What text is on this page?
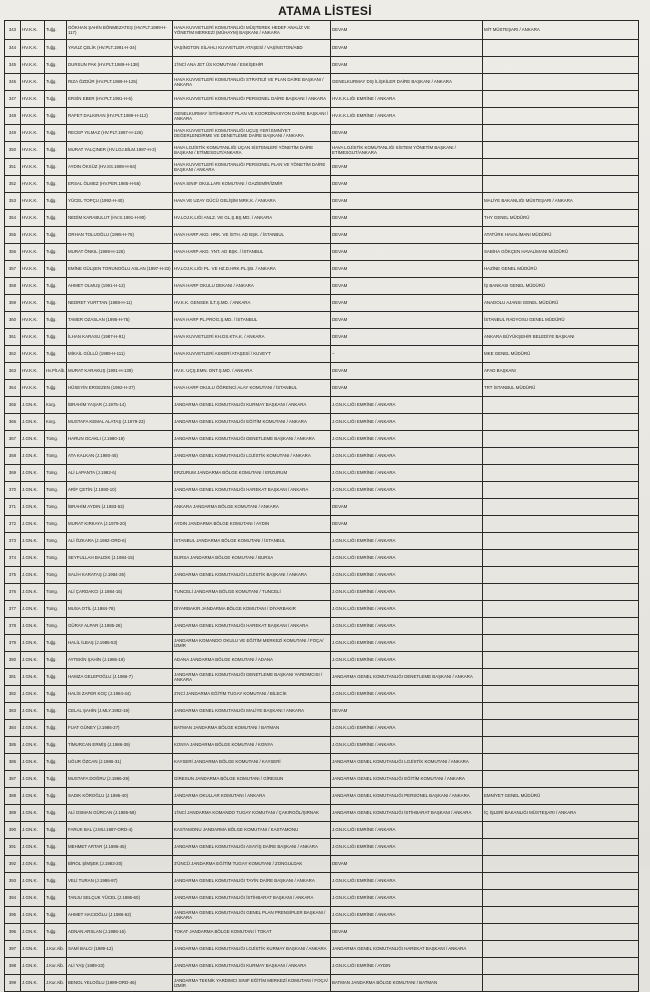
ATAMA LİSTESİ
343	HV.K.K.	Tuğg.	GÖKHAN ŞAHİN BÖNMEZATEŞ (HV.PLT.1989-H-117)	HAVA KUVVETLERİ KOMUTANLIĞI MÜŞTEREK HEDEF ANALİZ VE YÖNETİM MERKEZİ (MÜHAYM) BAŞKANI / ANKARA	DEVAM	MİT MÜSTEŞARI / ANKARA
344	HV.K.K.	Tuğg.	YAVUZ ÇELİK (HV.PLT.1991-H-34)	VAŞİNGTON SİLAHLI KUVVETLER ATAŞESİ / VAŞİNGTON/ABD	DEVAM	
345	HV.K.K.	Tuğg.	DURSUN PAK (HV.PLT.1989-H-138)	1'İNCİ ANA JET ÜS KOMUTANI / ESKİŞEHİR	DEVAM	
346	HV.K.K.	Tuğg.	RIZA ÖZDÜR (HV.PLT.1989-H-125)	HAVA KUVVETLERİ KOMUTANLIĞI STRATEJİ VE PLAN DAİRE BAŞKANI / ANKARA	GENELKURMAY DIŞ İLİŞKİLER DAİRE BAŞKANI / ANKARA	
347	HV.K.K.	Tuğg.	ERSİN EBER (HV.PLT.1991-H-6)	HAVA KUVVETLERİ KOMUTANLIĞI PERSONEL DAİRE BAŞKANI / ANKARA	HV.K.K.LIĞI EMRİNE / ANKARA	
348	HV.K.K.	Tuğg.	RAFET DALKIRAN (HV.PLT.1989-H-112)	GENELKURMAY İSTİHBARAT PLAN VE KOORDİNASYON DAİRE BAŞKANI / ANKARA	HV.K.K.LIĞI EMRİNE / ANKARA	
349	HV.K.K.	Tuğg.	RECEP YILMAZ (HV.PLT.1987-H-126)	HAVA KUVVETLERİ KOMUTANLIĞI UÇUŞ YERİ EMNİYET DEĞERLENDİRME VE DENETLEME DAİRE BAŞKANI / ANKARA	DEVAM	
350	HV.K.K.	Tuğg.	MURAT YALÇINER (HV.LOJ.BİLM.1987-H-3)	HAVA LOJİSTİK KOMUTANLIĞI UÇAN SİSTEMLERİ YÖNETİM DAİRE BAŞKANI / ETİMESGUT/ANKARA	HAVA LOJİSTİK KOMUTANLIĞI SİSTEM YÖNETİM BAŞKANI / ETİMESGUT/ANKARA	
351	HV.K.K.	Tuğg.	AYDIN ÖKSÜZ (HV.SS.1989-H-84)	HAVA KUVVETLERİ KOMUTANLIĞI PERSONEL PLAN VE YÖNETİM DAİRE BAŞKANI / ANKARA	DEVAM	
352	HV.K.K.	Tuğg.	ERSAL ÖLMEZ (HV.PER.1985-H-56)	HAVA SINIF OKULLARI KOMUTANI / GAZİEMİR/İZMİR	DEVAM	
353	HV.K.K.	Tuğg.	YÜCEL TOPÇU (1992-H-40)	HAVA VE UZAY GÜCÜ GELİŞİM MRK.K. / ANKARA	DEVAM	MALİYE BAKANLIĞI MÜSTEŞARI / ANKARA
354	HV.K.K.	Tuğg.	NEDİM KARABULUT (HV.S.1991-H-90)	HV.LOJ.K.LIĞI ANLZ. VE GL.Ş.BŞ.MD. / ANKARA	DEVAM	THY GENEL MÜDÜRÜ
355	HV.K.K.	Tuğg.	ORHAN TOLUOĞLU (1995-H-76)	HAVA HARP AKD. HRK. VE İSTH. AD BŞK. / İSTANBUL	DEVAM	ATATÜRK HAVALİMANI MÜDÜRÜ
356	HV.K.K.	Tuğg.	MURAT ÖNKIL (1989-H-126)	HAVA HARP AKD. YNT. AD BŞK. / İSTANBUL	DEVAM	SABİHA GÖKÇEN HAVALİMANI MÜDÜRÜ
357	HV.K.K.	Tuğg.	EMİNE GÜLŞEN TORUNOĞLU ASLAN (1997-H-33)	HV.LOJ.K.LIĞI PL. VE HZ.D.HRK.PL.ŞB. / ANKARA	DEVAM	HAZİNE GENEL MÜDÜRÜ
358	HV.K.K.	Tuğg.	AHMET OLMUŞ (1991-H-12)	HAVA HARP OKULU DEKANI / ANKARA	DEVAM	İŞ BANKASI GENEL MÜDÜRÜ
359	HV.K.K.	Tuğg.	NEDRET YURTTAN (1988-H-11)	HV.K.K. GENSEK İLT.Ş.MD. / ANKARA	DEVAM	ANADOLU AJANSI GENEL MÜDÜRÜ
360	HV.K.K.	Tuğg.	TAMER OZASLAN (1995-H-75)	HAVA HARP PL.PROG.Ş.MD. / İSTANBUL	DEVAM	İSTANBUL RADYOSU GENEL MÜDÜRÜ
361	HV.K.K.	Tuğg.	İLHAN KARASU (1987-H-91)	HAVA KUVVETLERİ KH.DS.KTA.K. / ANKARA	DEVAM	ANKARA BÜYÜKŞEHİR BELEDİYE BAŞKANI
362	HV.K.K.	Tuğg.	MİKAİL GÜLLÜ (1989-H-111)	HAVA KUVVETLERİ ASKERİ ATAŞESİ / KUVEYT	–	MKE GENEL MÜDÜRÜ
363	HV.K.K.	Hv.Plt.Alb.	MURAT KARAKUŞ (1991-H-139)	HV.K. UÇŞ.EMN. DNT.Ş.MD. / ANKARA	DEVAM	AFAD BAŞKANI
364	HV.K.K.	Tuğg.	HÜSEYİN ERGEZEN (1992-H-37)	HAVA HARP OKULU ÖĞRENCİ ALAY KOMUTANI / İSTANBUL	DEVAM	TRT İSTANBUL MÜDÜRÜ
365	J.GN.K.	Korg.	İBRAHİM YAŞAR (J.1975-14)	JANDARMA GENEL KOMUTANLIĞI KURMAY BAŞKANI / ANKARA	J.GN.K.LIĞI EMRİNE / ANKARA	
366	J.GN.K.	Korg.	MUSTAFA KEMAL ALATAŞ (J.1979-23)	JANDARMA GENEL KOMUTANLIĞI EĞİTİM KOMUTANI / ANKARA	J.GN.K.LIĞI EMRİNE / ANKARA	
367	J.GN.K.	Tümg.	HARUN OCAKLI (J.1980-19)	JANDARMA GENEL KOMUTANLIĞI DENETLEME BAŞKANI / ANKARA	J.GN.K.LIĞI EMRİNE / ANKARA	
368	J.GN.K.	Tümg.	ATA KALKAN (J.1980-45)	JANDARMA GENEL KOMUTANLIĞI LOJİSTİK KOMUTANI / ANKARA	J.GN.K.LIĞI EMRİNE / ANKARA	
369	J.GN.K.	Tümg.	ALİ LAPANTA (J.1982-6)	ERZURUM JANDARMA BÖLGE KOMUTANI / ERZURUM	J.GN.K.LIĞI EMRİNE / ANKARA	
370	J.GN.K.	Tümg.	ARİF ÇETİN (J.1980-10)	JANDARMA GENEL KOMUTANLIĞI HAREKAT BAŞKANI / ANKARA	J.GN.K.LIĞI EMRİNE / ANKARA	
371	J.GN.K.	Tümg.	İBRAHİM AYDIN (J.1983-53)	ANKARA JANDARMA BÖLGE KOMUTANI / ANKARA	DEVAM	
372	J.GN.K.	Tümg.	MURAT KIRKAYA (J.1979-20)	AYDIN JANDARMA BÖLGE KOMUTANI / AYDIN	DEVAM	
373	J.GN.K.	Tümg.	ALİ ÖZKARA (J.1982-ORD-6)	İSTANBUL JANDARMA BÖLGE KOMUTANI / İSTANBUL	J.GN.K.LIĞI EMRİNE / ANKARA	
374	J.GN.K.	Tümg.	SEYFULLAH BALDIK (J.1984-15)	BURSA JANDARMA BÖLGE KOMUTANI / BURSA	J.GN.K.LIĞI EMRİNE / ANKARA	
375	J.GN.K.	Tümg.	SALİH KARATAŞ (J.1984-26)	JANDARMA GENEL KOMUTANLIĞI LOJİSTİK BAŞKANI / ANKARA	J.GN.K.LIĞI EMRİNE / ANKARA	
376	J.GN.K.	Tümg.	ALİ ÇARDAKCI (J.1984-15)	TUNCELİ JANDARMA BÖLGE KOMUTANI / TUNCELİ	J.GN.K.LIĞI EMRİNE / ANKARA	
377	J.GN.K.	Tümg.	MUSA OTİL (J.1984-78)	DİYARBAKIR JANDARMA BÖLGE KOMUTANI / DİYARBAKIR	J.GN.K.LIĞI EMRİNE / ANKARA	
378	J.GN.K.	Tümg.	GÜRAY ALPAR (J.1985-28)	JANDARMA GENEL KOMUTANLIĞI HAREKAT BAŞKANI / ANKARA	J.GN.K.LIĞI EMRİNE / ANKARA	
379	J.GN.K.	Tuğg.	HALİL İLBAŞ (J.1985-53)	JANDARMA KOMANDO OKULU VE EĞİTİM MERKEZİ KOMUTANI / FOÇA/İZMİR	J.GN.K.LIĞI EMRİNE / ANKARA	
380	J.GN.K.	Tuğg.	AYTEKİN ŞAHİN (J.1986-19)	ADANA JANDARMA BÖLGE KOMUTANI / ADANA	J.GN.K.LIĞI EMRİNE / ANKARA	
381	J.GN.K.	Tuğg.	HAMZA GELEPOĞLU (J.1986-7)	JANDARMA GENEL KOMUTANLIĞI DENETLEME BAŞKANI YARDIMCISI / ANKARA	JANDARMA GENEL KOMUTANLIĞI DENETLEME BAŞKANI / ANKARA	
382	J.GN.K.	Tuğg.	HALİS ZAFER KOÇ (J.1984-44)	2'NCİ JANDARMA EĞİTİM TUGAY KOMUTANI / BİLECİK	J.GN.K.LIĞI EMRİNE / ANKARA	
383	J.GN.K.	Tuğg.	CELAL ŞAHİN (J.MLY.1982-19)	JANDARMA GENEL KOMUTANLIĞI MALİYE BAŞKANI / ANKARA	DEVAM	
384	J.GN.K.	Tuğg.	FUAT GÜNEY (J.1986-27)	BATMAN JANDARMA BÖLGE KOMUTANI / BATMAN	J.GN.K.LIĞI EMRİNE / ANKARA	
385	J.GN.K.	Tuğg.	TİMURCAN ERMİŞ (J.1986-39)	KONYA JANDARMA BÖLGE KOMUTANI / KONYA	J.GN.K.LIĞI EMRİNE / ANKARA	
386	J.GN.K.	Tuğg.	UĞUR ÖZCAN (J.1986-31)	KAYSERİ JANDARMA BÖLGE KOMUTANI / KAYSERİ	JANDARMA GENEL KOMUTANLIĞI LOJİSTİK KOMUTANI / ANKARA	
387	J.GN.K.	Tuğg.	MUSTAFA DOĞRU (J.1986-29)	GİRESUN JANDARMA BÖLGE KOMUTANI / GİRESUN	JANDARMA GENEL KOMUTANLIĞI EĞİTİM KOMUTANI / ANKARA	
388	J.GN.K.	Tuğg.	SADIK KÖROĞLU (J.1986-40)	JANDARMA OKULLAR KOMUTANI / ANKARA	JANDARMA GENEL KOMUTANLIĞI PERSONEL BAŞKANI / ANKARA	EMNİYET GENEL MÜDÜRÜ
389	J.GN.K.	Tuğg.	ALİ OSMAN GÜRCAN (J.1985-59)	1'İNCİ JANDARMA KOMANDO TUGAY KOMUTANI / ÇAKIRGÖL/ŞIRNAK	JANDARMA GENEL KOMUTANLIĞI İSTİHBARAT BAŞKANI / ANKARA	İÇ İŞLERİ BAKANLIĞI MÜSTEŞARI / ANKARA
390	J.GN.K.	Tuğg.	FARUK BAL (J.MU.1987-ORD-4)	KASTAMONU JANDARMA BÖLGE KOMUTANI / KASTAMONU	J.GN.K.LIĞI EMRİNE / ANKARA	
391	J.GN.K.	Tuğg.	MEHMET ARTAR (J.1986-45)	JANDARMA GENEL KOMUTANLIĞI ASAYİŞ DAİRE BAŞKANI / ANKARA	J.GN.K.LIĞI EMRİNE / ANKARA	
392	J.GN.K.	Tuğg.	BİROL ŞİMŞEK (J.1983-20)	3'ÜNCÜ JANDARMA EĞİTİM TUGAY KOMUTANI / ZONGULDAK	DEVAM	
393	J.GN.K.	Tuğg.	VELİ TURAN (J.1986-87)	JANDARMA GENEL KOMUTANLIĞI TAYİN DAİRE BAŞKANI / ANKARA	J.GN.K.LIĞI EMRİNE / ANKARA	
394	J.GN.K.	Tuğg.	TANJU SELÇUK YÜCEL (J.1986-60)	JANDARMA GENEL KOMUTANLIĞI İSTİHBARAT BAŞKANI / ANKARA	J.GN.K.LIĞI EMRİNE / ANKARA	
395	J.GN.K.	Tuğg.	AHMET HACIOĞLU (J.1986-62)	JANDARMA GENEL KOMUTANLIĞI GENEL PLAN PRENSİPLER BAŞKANI / ANKARA	J.GN.K.LIĞI EMRİNE / ANKARA	
396	J.GN.K.	Tuğg.	ADNAN ARSLAN (J.1986-16)	TOKAT JANDARMA BÖLGE KOMUTANI / TOKAT	DEVAM	
397	J.GN.K.	J.Kur.Alb.	SAMİ BALCI (1989-12)	JANDARMA GENEL KOMUTANLIĞI LOJİSTİK KURMAY BAŞKANI / ANKARA	JANDARMA GENEL KOMUTANLIĞI HAREKAT BAŞKANI / ANKARA	
398	J.GN.K.	J.Kur.Alb.	ALİ YAŞ (1989-23)	JANDARMA GENEL KOMUTANLIĞI KURMAY BAŞKANI / ANKARA	J.GN.K.LIĞI EMRİNE / AYDIN	
399	J.GN.K.	J.Kur.Alb.	BENOL YELOĞLU (1989-ORD-46)	JANDARMA TEKNİK YARDIMCI SINIF EĞİTİM MERKEZİ KOMUTANI / FOÇA/İZMİR	BATMAN JANDARMA BÖLGE KOMUTANI / BATMAN	
